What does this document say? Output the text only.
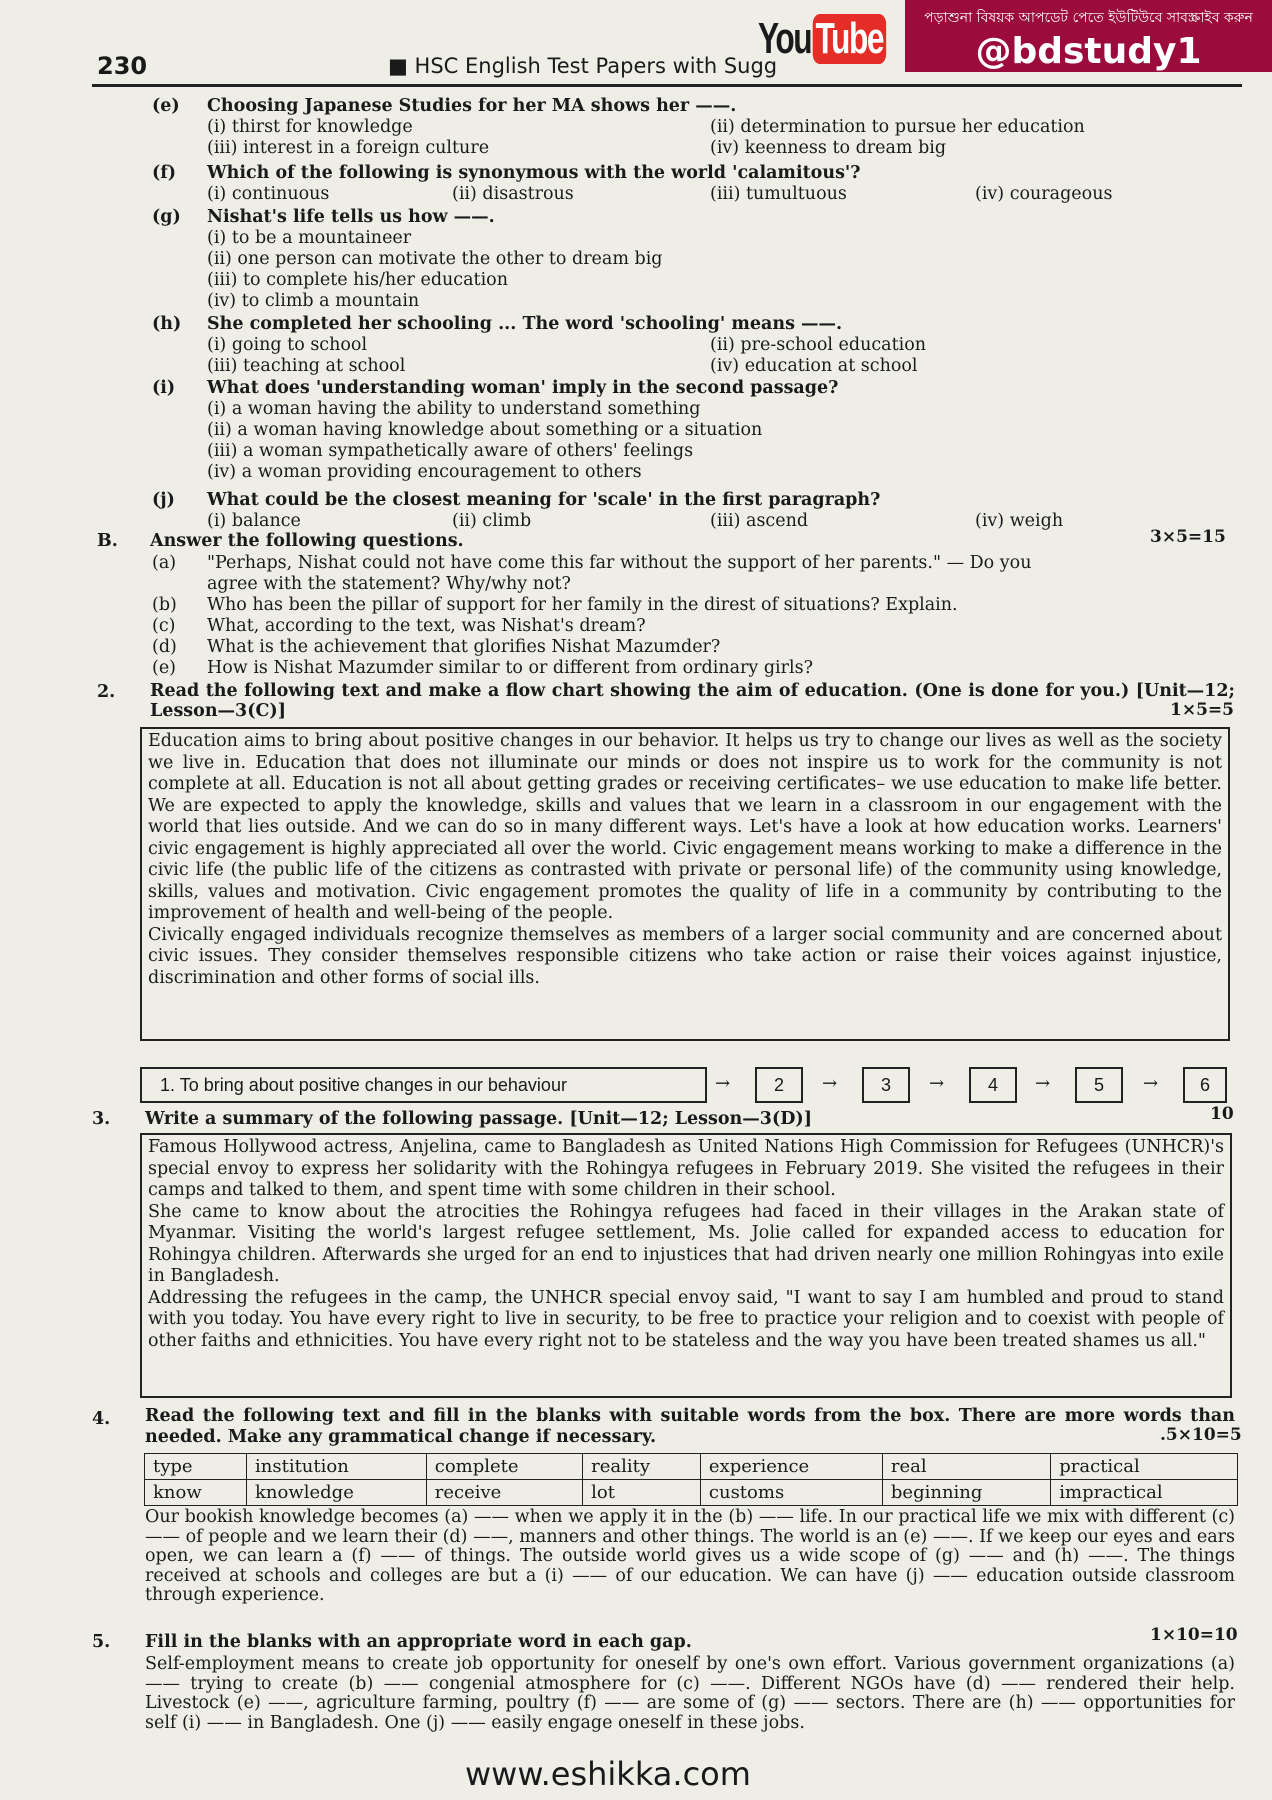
230	■ HSC English Test Papers with Sugg
পড়াশুনা বিষয়ক আপডেট পেতে ইউটিউবে সাবস্ক্রাইব করুন
@bdstudy1
You Tube
(e) Choosing Japanese Studies for her MA shows her ——.
(i) thirst for knowledge	(ii) determination to pursue her education
(iii) interest in a foreign culture	(iv) keenness to dream big
(f) Which of the following is synonymous with the world 'calamitous'?
(i) continuous	(ii) disastrous	(iii) tumultuous	(iv) courageous
(g) Nishat's life tells us how ——.
(i) to be a mountaineer
(ii) one person can motivate the other to dream big
(iii) to complete his/her education
(iv) to climb a mountain
(h) She completed her schooling ... The word 'schooling' means ——.
(i) going to school	(ii) pre-school education
(iii) teaching at school	(iv) education at school
(i) What does 'understanding woman' imply in the second passage?
(i) a woman having the ability to understand something
(ii) a woman having knowledge about something or a situation
(iii) a woman sympathetically aware of others' feelings
(iv) a woman providing encouragement to others
(j) What could be the closest meaning for 'scale' in the first paragraph?
(i) balance	(ii) climb	(iii) ascend	(iv) weigh
B. Answer the following questions.	3×5=15
(a) "Perhaps, Nishat could not have come this far without the support of her parents." — Do you
agree with the statement? Why/why not?
(b) Who has been the pillar of support for her family in the direst of situations? Explain.
(c) What, according to the text, was Nishat's dream?
(d) What is the achievement that glorifies Nishat Mazumder?
(e) How is Nishat Mazumder similar to or different from ordinary girls?
2. Read the following text and make a flow chart showing the aim of education. (One is done for you.) [Unit—12; Lesson—3(C)]	1×5=5

Education aims to bring about positive changes in our behavior. It helps us try to change our lives as well as the society we live in. Education that does not illuminate our minds or does not inspire us to work for the community is not complete at all. Education is not all about getting grades or receiving certificates– we use education to make life better. We are expected to apply the knowledge, skills and values that we learn in a classroom in our engagement with the world that lies outside. And we can do so in many different ways. Let's have a look at how education works. Learners' civic engagement is highly appreciated all over the world. Civic engagement means working to make a difference in the civic life (the public life of the citizens as contrasted with private or personal life) of the community using knowledge, skills, values and motivation. Civic engagement promotes the quality of life in a community by contributing to the improvement of health and well-being of the people.

Civically engaged individuals recognize themselves as members of a larger social community and are concerned about civic issues. They consider themselves responsible citizens who take action or raise their voices against injustice, discrimination and other forms of social ills.

1. To bring about positive changes in our behaviour	→	2	→	3	→	4	→	5	→	6
3. Write a summary of the following passage. [Unit—12; Lesson—3(D)]	10

Famous Hollywood actress, Anjelina, came to Bangladesh as United Nations High Commission for Refugees (UNHCR)'s special envoy to express her solidarity with the Rohingya refugees in February 2019. She visited the refugees in their camps and talked to them, and spent time with some children in their school.

She came to know about the atrocities the Rohingya refugees had faced in their villages in the Arakan state of Myanmar. Visiting the world's largest refugee settlement, Ms. Jolie called for expanded access to education for Rohingya children. Afterwards she urged for an end to injustices that had driven nearly one million Rohingyas into exile in Bangladesh.

Addressing the refugees in the camp, the UNHCR special envoy said, "I want to say I am humbled and proud to stand with you today. You have every right to live in security, to be free to practice your religion and to coexist with people of other faiths and ethnicities. You have every right not to be stateless and the way you have been treated shames us all."

4. Read the following text and fill in the blanks with suitable words from the box. There are more words than needed. Make any grammatical change if necessary.	.5×10=5
type	institution	complete	reality	experience	real	practical
know	knowledge	receive	lot	customs	beginning	impractical
Our bookish knowledge becomes (a) —— when we apply it in the (b) —— life. In our practical life we mix with different (c) —— of people and we learn their (d) ——, manners and other things. The world is an (e) ——. If we keep our eyes and ears open, we can learn a (f) —— of things. The outside world gives us a wide scope of (g) —— and (h) ——. The things received at schools and colleges are but a (i) —— of our education. We can have (j) —— education outside classroom through experience.
5. Fill in the blanks with an appropriate word in each gap.	1×10=10
Self-employment means to create job opportunity for oneself by one's own effort. Various government organizations (a) —— trying to create (b) —— congenial atmosphere for (c) ——. Different NGOs have (d) —— rendered their help. Livestock (e) ——, agriculture farming, poultry (f) —— are some of (g) —— sectors. There are (h) —— opportunities for self (i) —— in Bangladesh. One (j) —— easily engage oneself in these jobs.
www.eshikka.com
